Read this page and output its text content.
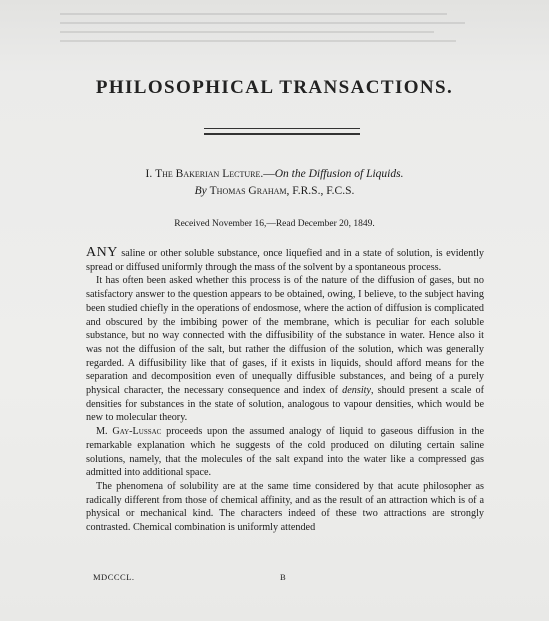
PHILOSOPHICAL TRANSACTIONS.
I. The Bakerian Lecture.—On the Diffusion of Liquids.
By Thomas Graham, F.R.S., F.C.S.
Received November 16,—Read December 20, 1849.

ANY saline or other soluble substance, once liquefied and in a state of solution, is evidently spread or diffused uniformly through the mass of the solvent by a spontaneous process.

It has often been asked whether this process is of the nature of the diffusion of gases, but no satisfactory answer to the question appears to be obtained, owing, I believe, to the subject having been studied chiefly in the operations of endosmose, where the action of diffusion is complicated and obscured by the imbibing power of the membrane, which is peculiar for each soluble substance, but no way connected with the diffusibility of the substance in water. Hence also it was not the diffusion of the salt, but rather the diffusion of the solution, which was generally regarded. A diffusibility like that of gases, if it exists in liquids, should afford means for the separation and decomposition even of unequally diffusible substances, and being of a purely physical character, the necessary consequence and index of density, should present a scale of densities for substances in the state of solution, analogous to vapour densities, which would be new to molecular theory.

M. Gay-Lussac proceeds upon the assumed analogy of liquid to gaseous diffusion in the remarkable explanation which he suggests of the cold produced on diluting certain saline solutions, namely, that the molecules of the salt expand into the water like a compressed gas admitted into additional space.

The phenomena of solubility are at the same time considered by that acute philosopher as radically different from those of chemical affinity, and as the result of an attraction which is of a physical or mechanical kind. The characters indeed of these two attractions are strongly contrasted. Chemical combination is uniformly attended

MDCCCL.	B
